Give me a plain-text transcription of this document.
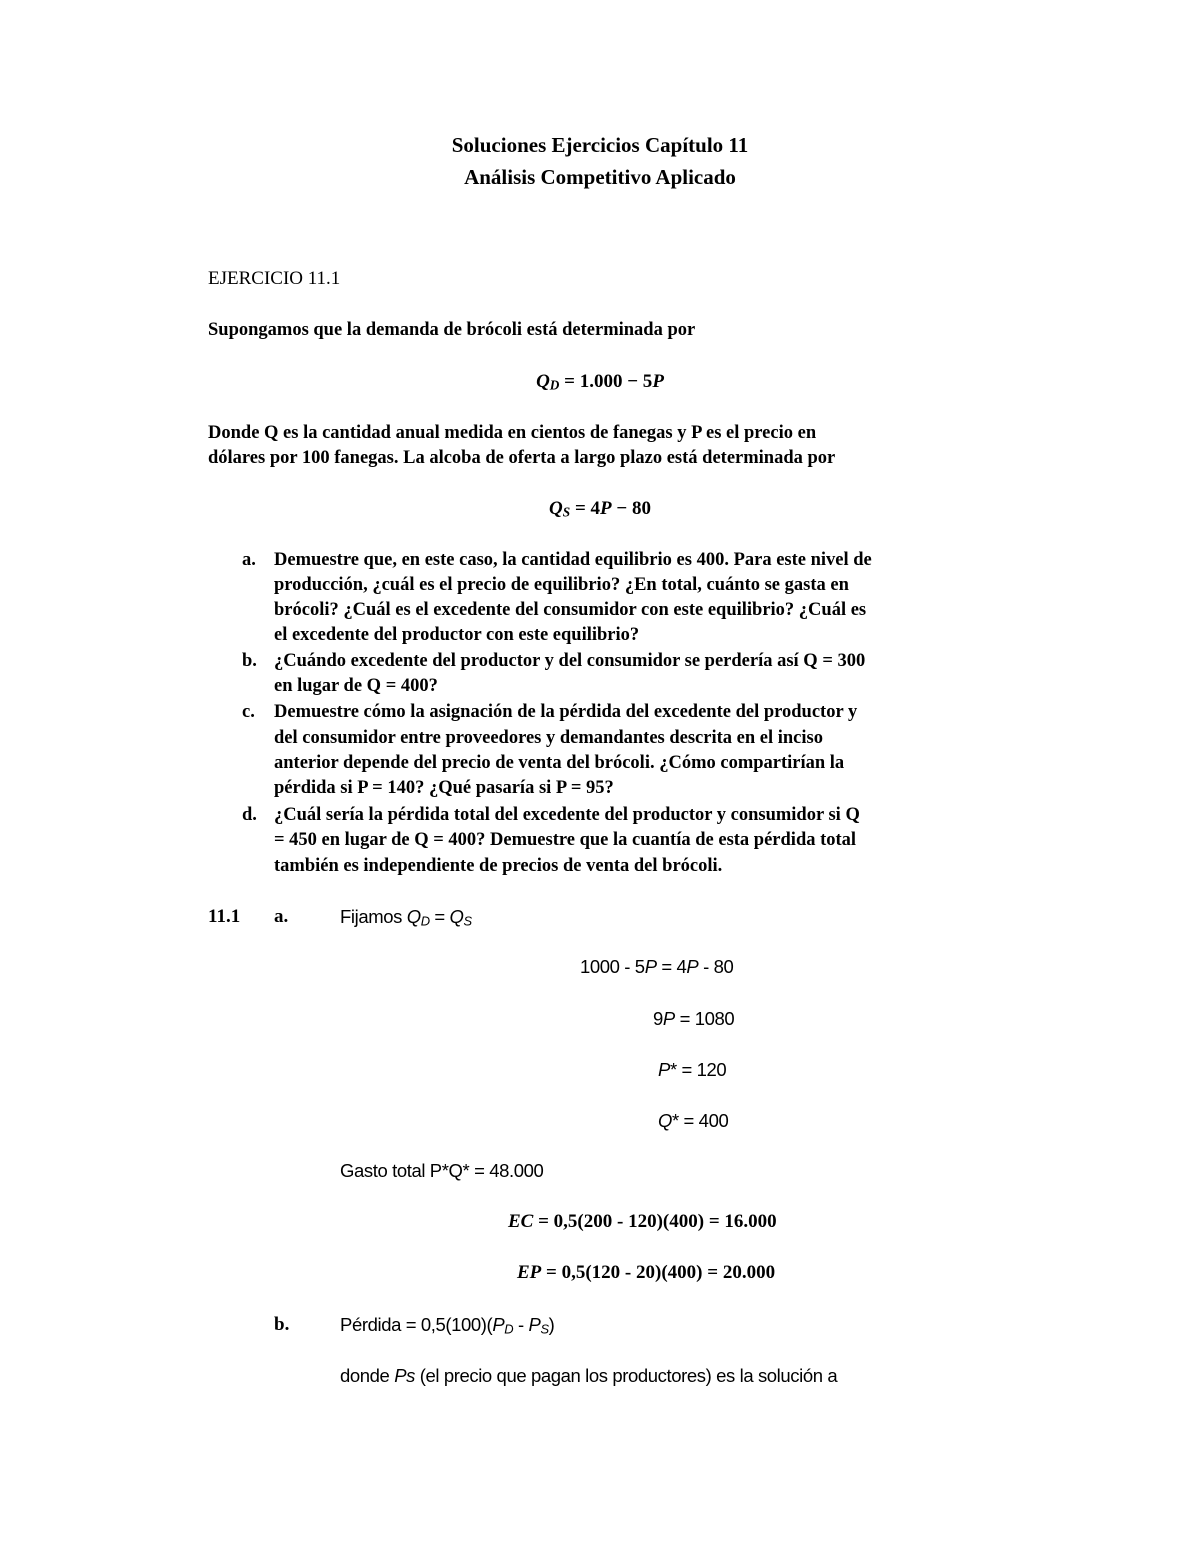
Soluciones Ejercicios Capítulo 11
Análisis Competitivo Aplicado
EJERCICIO 11.1
Supongamos que la demanda de brócoli está determinada por
$Q_D = 1.000 - 5P$
Donde Q es la cantidad anual medida en cientos de fanegas y P es el precio en
dólares por 100 fanegas. La alcoba de oferta a largo plazo está determinada por
$Q_S = 4P - 80$
a. Demuestre que, en este caso, la cantidad equilibrio es 400. Para este nivel de
producción, ¿cuál es el precio de equilibrio? ¿En total, cuánto se gasta en
brócoli? ¿Cuál es el excedente del consumidor con este equilibrio? ¿Cuál es
el excedente del productor con este equilibrio?
b. ¿Cuándo excedente del productor y del consumidor se perdería así Q = 300
en lugar de Q = 400?
c. Demuestre cómo la asignación de la pérdida del excedente del productor y
del consumidor entre proveedores y demandantes descrita en el inciso
anterior depende del precio de venta del brócoli. ¿Cómo compartirían la
pérdida si P = 140? ¿Qué pasaría si P = 95?
d. ¿Cuál sería la pérdida total del excedente del productor y consumidor si Q
= 450 en lugar de Q = 400? Demuestre que la cuantía de esta pérdida total
también es independiente de precios de venta del brócoli.
11.1 a.	Fijamos $Q_D = Q_S$
1000 - 5P = 4P - 80
9P = 1080
P* = 120
Q* = 400
Gasto total P*Q* = 48.000
EC = 0,5(200 - 120)(400) = 16.000
EP = 0,5(120 - 20)(400) = 20.000
b.	Pérdida = $0,5(100)(P_D - P_S)$
donde Ps (el precio que pagan los productores) es la solución a
